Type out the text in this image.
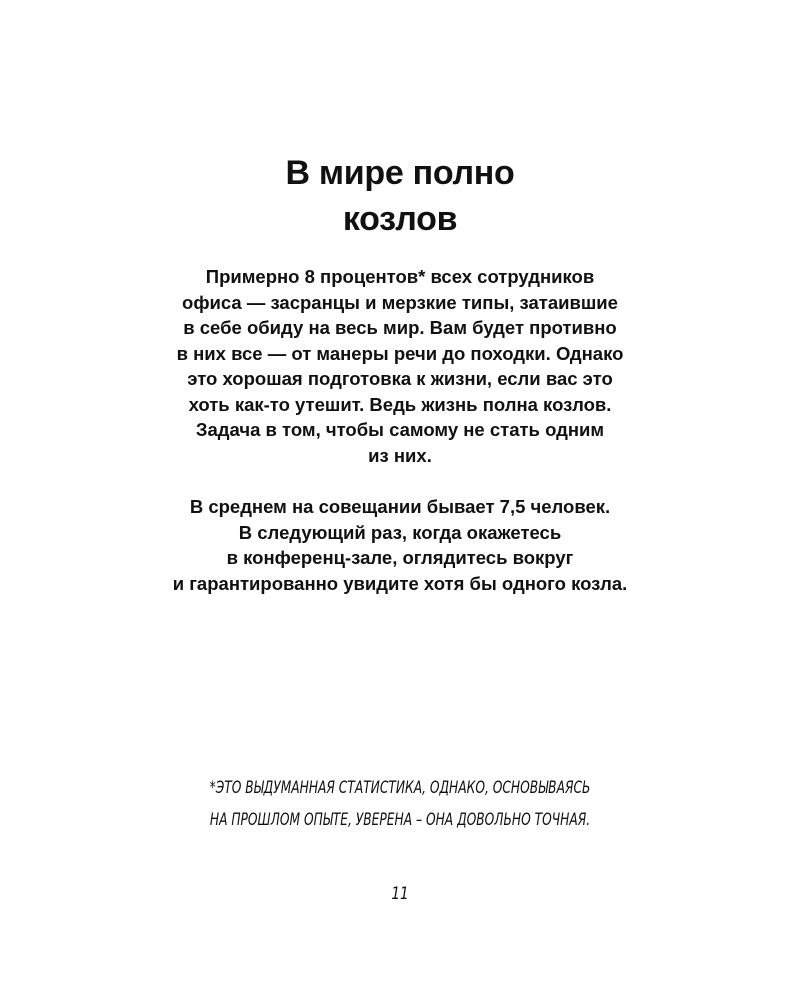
В мире полно
козлов

Примерно 8 процентов* всех сотрудников
офиса — засранцы и мерзкие типы, затаившие
в себе обиду на весь мир. Вам будет противно
в них все — от манеры речи до походки. Однако
это хорошая подготовка к жизни, если вас это
хоть как-то утешит. Ведь жизнь полна козлов.
Задача в том, чтобы самому не стать одним
из них.

В среднем на совещании бывает 7,5 человек.
В следующий раз, когда окажетесь
в конференц-зале, оглядитесь вокруг
и гарантированно увидите хотя бы одного козла.

*ЭТО ВЫДУМАННАЯ СТАТИСТИКА, ОДНАКО, ОСНОВЫВАЯСЬ
НА ПРОШЛОМ ОПЫТЕ, УВЕРЕНА – ОНА ДОВОЛЬНО ТОЧНАЯ.

11
